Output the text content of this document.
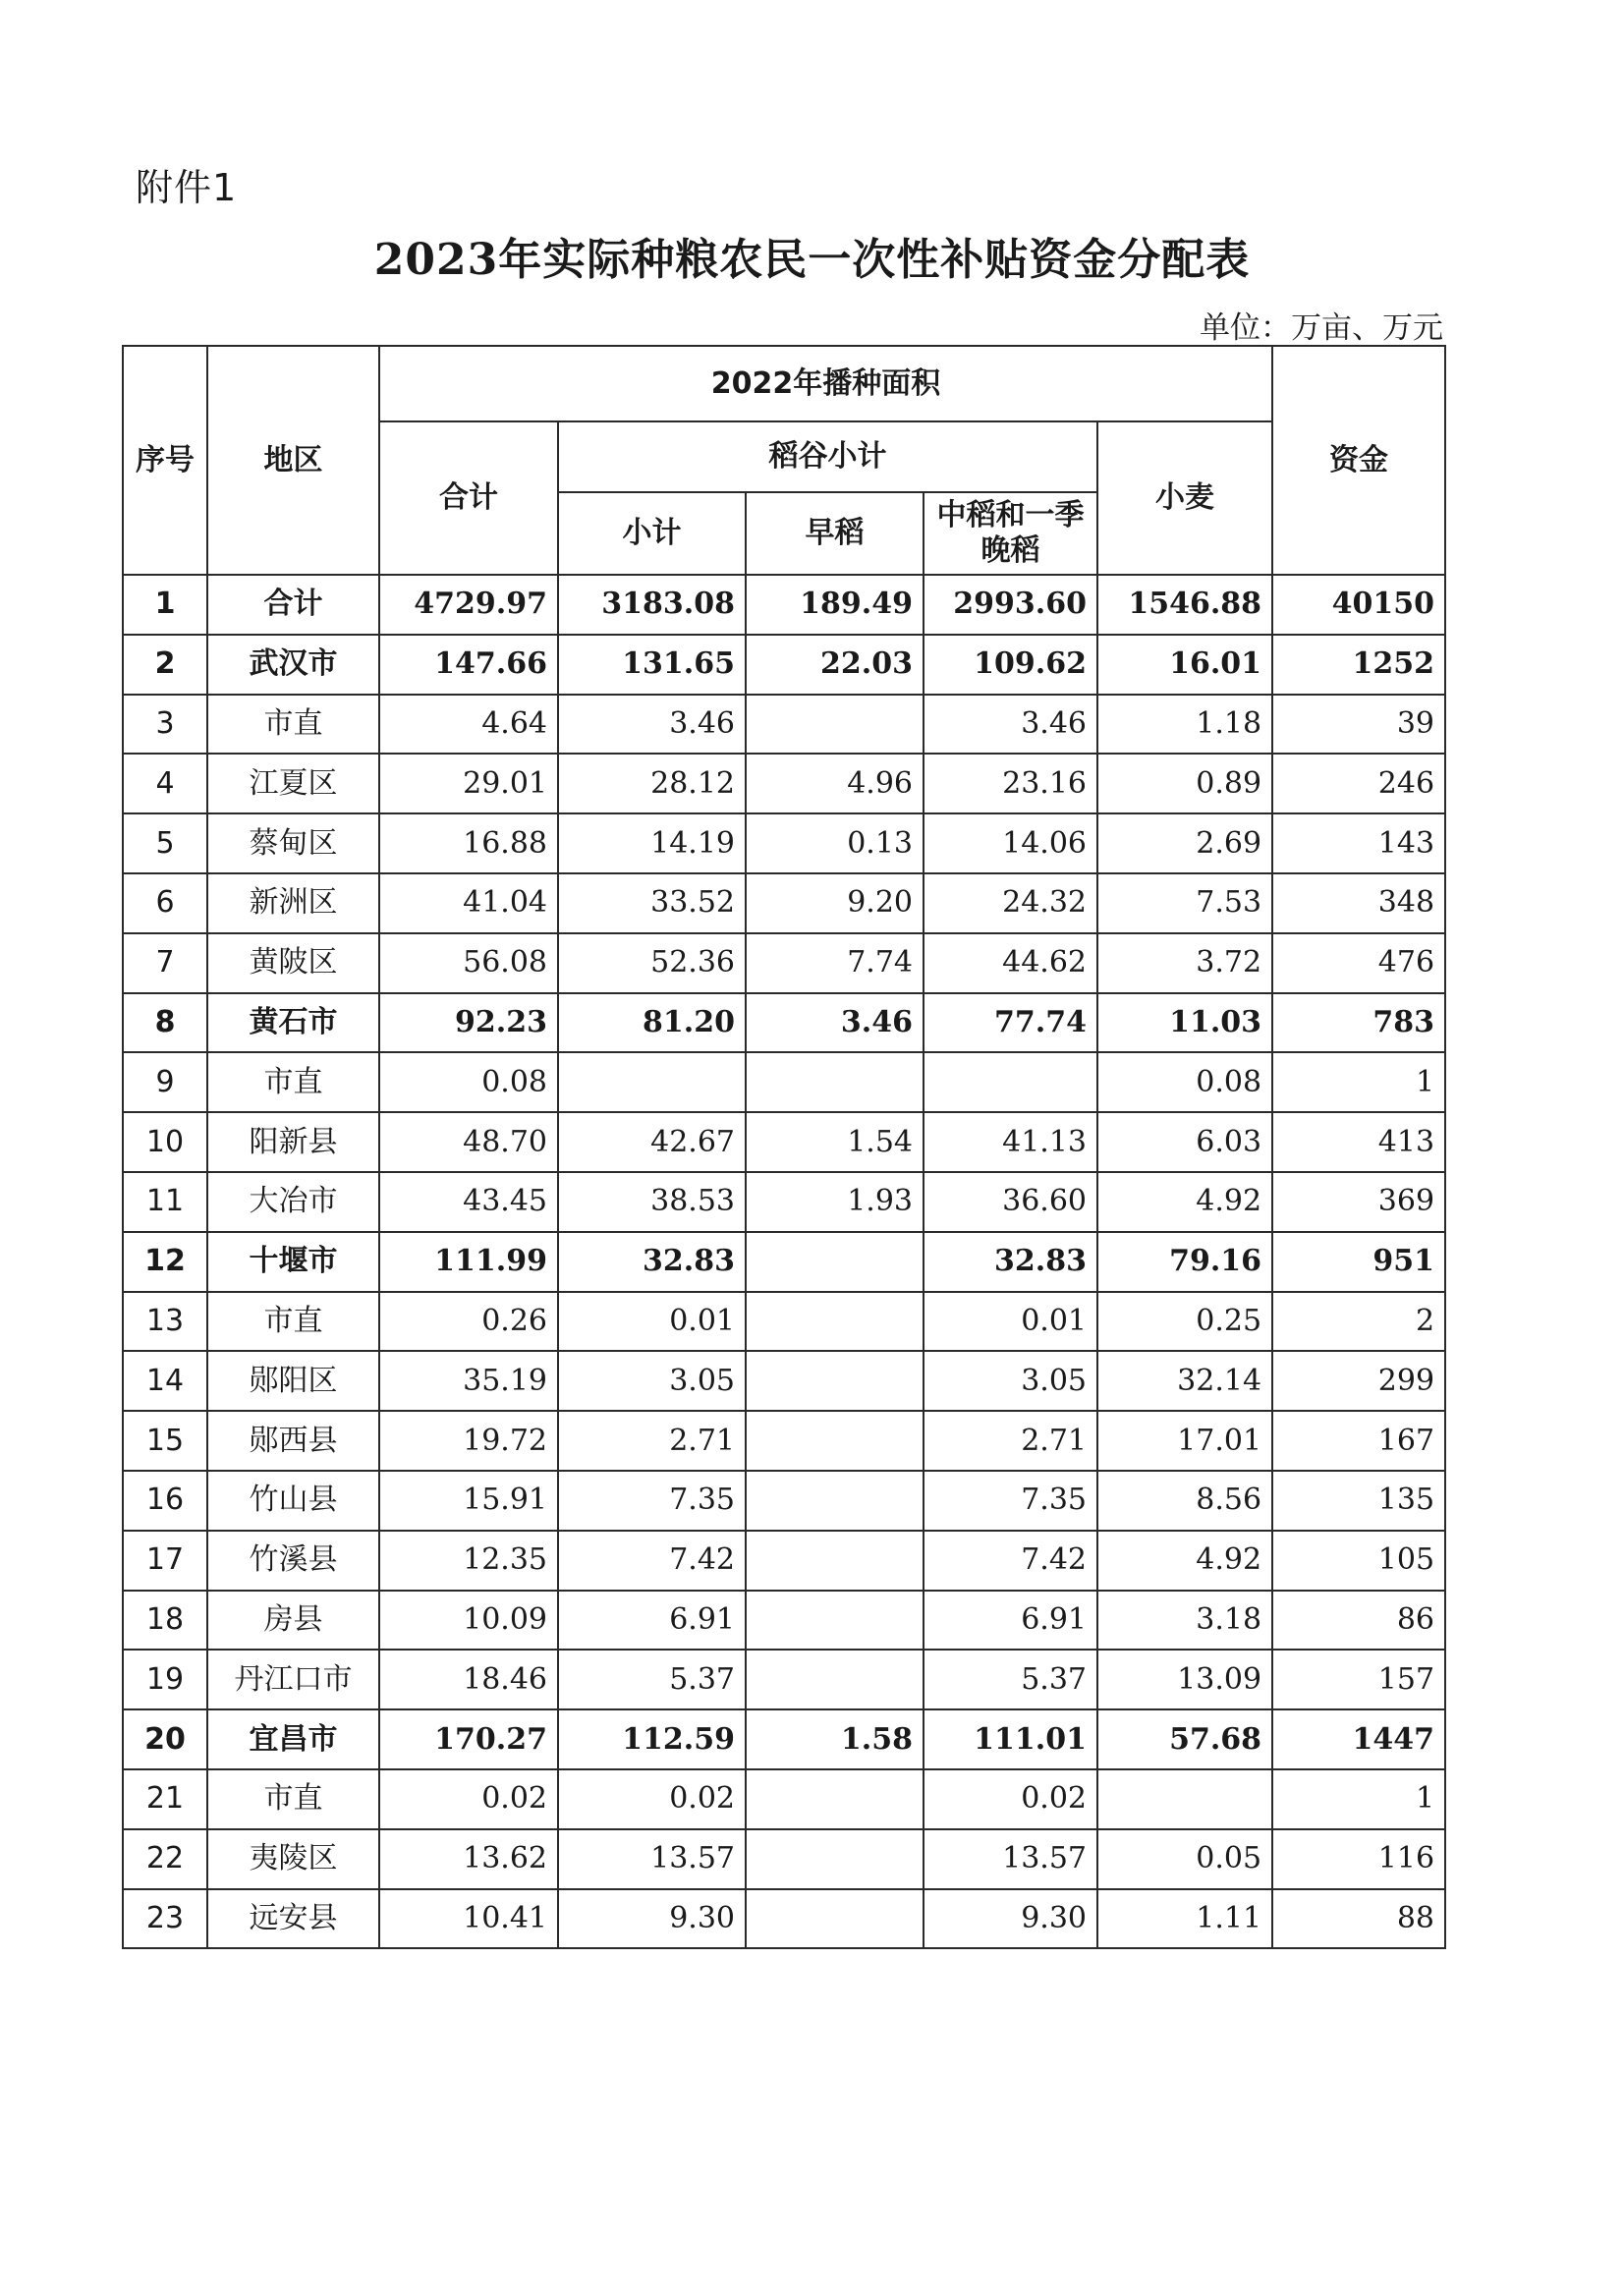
附件1
2023年实际种粮农民一次性补贴资金分配表
单位：万亩、万元
序号	地区	2022年播种面积					资金
		合计	稻谷小计			小麦	
			小计	早稻	中稻和一季晚稻		
1	合计	4729.97	3183.08	189.49	2993.60	1546.88	40150
2	武汉市	147.66	131.65	22.03	109.62	16.01	1252
3	市直	4.64	3.46		3.46	1.18	39
4	江夏区	29.01	28.12	4.96	23.16	0.89	246
5	蔡甸区	16.88	14.19	0.13	14.06	2.69	143
6	新洲区	41.04	33.52	9.20	24.32	7.53	348
7	黄陂区	56.08	52.36	7.74	44.62	3.72	476
8	黄石市	92.23	81.20	3.46	77.74	11.03	783
9	市直	0.08				0.08	1
10	阳新县	48.70	42.67	1.54	41.13	6.03	413
11	大冶市	43.45	38.53	1.93	36.60	4.92	369
12	十堰市	111.99	32.83		32.83	79.16	951
13	市直	0.26	0.01		0.01	0.25	2
14	郧阳区	35.19	3.05		3.05	32.14	299
15	郧西县	19.72	2.71		2.71	17.01	167
16	竹山县	15.91	7.35		7.35	8.56	135
17	竹溪县	12.35	7.42		7.42	4.92	105
18	房县	10.09	6.91		6.91	3.18	86
19	丹江口市	18.46	5.37		5.37	13.09	157
20	宜昌市	170.27	112.59	1.58	111.01	57.68	1447
21	市直	0.02	0.02		0.02		1
22	夷陵区	13.62	13.57		13.57	0.05	116
23	远安县	10.41	9.30		9.30	1.11	88
